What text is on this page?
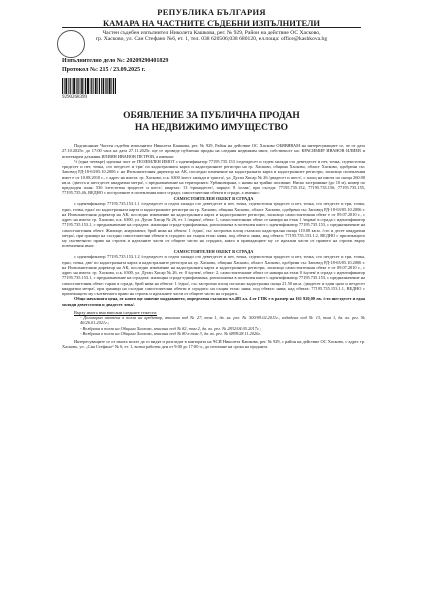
РЕПУБЛИКА БЪЛГАРИЯ
КАМАРА НА ЧАСТНИТЕ СЪДЕБНИ ИЗПЪЛНИТЕЛИ
Частен съдебен изпълнител Николета Кашкова, рег. № 929, Район на действие ОС Хасково,
гр. Хасково, ул. Сан Стефано №6, ет. 1, тел. 038 620506;038 680120, ел.поща: office@kashkova.bg
Изпълнително дело №: 20209290401829
Протокол №: 215 / 23.09.2025 г.
9290268399
ОБЯВЛЕНИЕ ЗА ПУБЛИЧНА ПРОДАН
НА НЕДВИЖИМО ИМУЩЕСТВО

Подписаният Частен съдебен изпълнител Николета Кашкова, рег. № 929, Район на действие ОС Хасково ОБЯВЯВАМ на интересуващите се, че от дата 27.10.2025г. до 17:00 часа на дата 27.11.2025г. ще се проведе публична продан на следния недвижим имот, собственост на: КРАСИМИР ИВАНОВ ИЛИЕВ и ипотекарен длъжник ИЛИЯН ИВАНОВ ПЕТРОВ, а именно:

½ (една четвърт) идеална част от ПОЗЕМЛЕН ИМОТ с идентификатор 77195.735.153 /седемдесет и седем хиляди сто деветдесет и пет, точка, седемстотин тридесет и пет, точка, сто петдесет и три/ по кадастралната карта и кадастралните регистри на гр. Хасково, община Хасково, област Хасково, одобрени със Заповед РД-18-63/05.10.2006 г. на Изпълнителния директор на АК, последно изменение на кадастралната карта и кадастралните регистри, засягащо поземления имот е от 10.08.2010 г., с адрес на имота: гр. Хасково, п.к. 6300 /шест хиляди и триста/, ул. Дугап Хисар № 26 /двадесет и шест/, с площ на имота по скица 260.00 кв.м. /двеста и шестдесет квадратни метра/, с предназначение на територията: Урбанизирана, с начин на трайно ползване: Ниско застрояване (до 10 м), номер по предходен план: 536 /петстотин тридесет и шест/, квартал: 13 /тринадесет/, парцел: 8 /осми/, при съседи: 77195.735.152, 77195.735.156, 77195.735.155, 77195.735.46, ВЕДНО с построените в поземления имот сгради, самостоятелни обекти в сгради, а именно:

САМОСТОЯТЕЛЕН ОБЕКТ В СГРАДА

с идентификатор 77195.735.153.1.1 /седемдесет и седем хиляди сто деветдесет и пет, точка, седемстотин тридесет и пет, точка, сто петдесет и три, точка, едно, точка, едно/ по кадастралната карта и кадастралните регистри на гр. Хасково, община Хасково, област Хасково, одобрени със Заповед РД-18-63/05.10.2006 г. на Изпълнителния директор на АК, последно изменение на кадастралната карта и кадастралните регистри, засягащо самостоятелния обект е от 09.07.2010 г., с адрес на имота: гр. Хасково, п.к. 6300, ул. Дугап Хисар № 26, ет. 1 /първи/, обект: 1, самостоятелният обект се намира на етаж 1 /първи/ в сграда с идентификатор 77195.735.153.1, с предназначение на сградата: жилищна сграда-еднофамилна, разположена в поземлен имот с идентификатор 77195.735.153, с предназначение на самостоятелния обект: Жилище, апартамент, брой нива на обекта: 1 /едно/, със застроена площ съгласно кадастрална скица 110.00 кв.м. /сто и десет квадратни метра/, при граници на съседни самостоятелни обекти в сградата: на същия етаж: няма, под обекта: няма, над обекта: 77195.735.153.1.2, ВЕДНО с прилежащото му съответното право на строеж и идеалните части от общите части на сградата, както и припадащите му се идеални части от правото на строеж върху поземления имот.

САМОСТОЯТЕЛЕН ОБЕКТ В СГРАДА

с идентификатор 77195.735.153.1.2 /седемдесет и седем хиляди сто деветдесет и пет, точка, седемстотин тридесет и пет, точка, сто петдесет и три, точка, едно, точка, две/ по кадастралната карта и кадастралните регистри на гр. Хасково, община Хасково, област Хасково, одобрени със Заповед РД-18-63/05.10.2006 г. на Изпълнителния директор на АК, последно изменение на кадастралната карта и кадастралните регистри, засягащо самостоятелния обект е от 09.07.2010 г., с адрес на имота: гр. Хасково, п.к. 6300, ул. Дугап Хисар № 26, ет. 0 /нулев/, обект: 2, самостоятелният обект се намира на етаж 0 /нулев/ в сграда с идентификатор 77195.735.153.1, с предназначение на сградата: жилищна сграда-еднофамилна, разположена в поземлен имот с идентификатор 77195.735.153, с предназначение на самостоятелния обект: гараж в сграда, брой нива на обекта: 1 /едно/, със застроена площ съгласно кадастрална скица 21.50 кв.м. /двадесет и един цяло и петдесет квадратни метра/, при граници на съседни самостоятелни обекти в сградата: на същия етаж: няма, под обекта: няма, над обекта: 77195.735.153.1.1, ВЕДНО с прилежащото му съответното право на строеж и идеалните части от общите части на сградата.

Общо началната цена, от която ще започне наддаването, определена съгласно чл.485 ал. 4 от ГПК е в размер на 161 920,00 лв. /сто шестдесет и една хиляди деветстотин и двадесет лева/.

Върху имота има вписани следните тежести:

- Договорна ипотека в полза на кредитор, вписана под № 27, том 1, дв. вх. рег. № 500/09.02.2011г., издадена под № 13, том 1, дв. вх. рег. № 40/26.01.2021г.;
- Възбрана в полза на Община Хасково, вписана под № 82, том 2, дв. вх. рег. № 2832/04.05.2017г.;
- Възбрана в полза на Община Хасково, вписана под № 80 в том 3, дв. вх. рег. № 6899/28.11.2020г.

Интересуващите се от имота могат да го видят и разгледат в кантората на ЧСИ Николета Кашкова, рег. № 929, с район на действие ОС Хасково, с адрес гр. Хасково, ул. „Сан Стефано“ № 6, ет. 1, всеки работен ден от 9:00 до 17:00 ч., до изтичане на срока на проданта.
